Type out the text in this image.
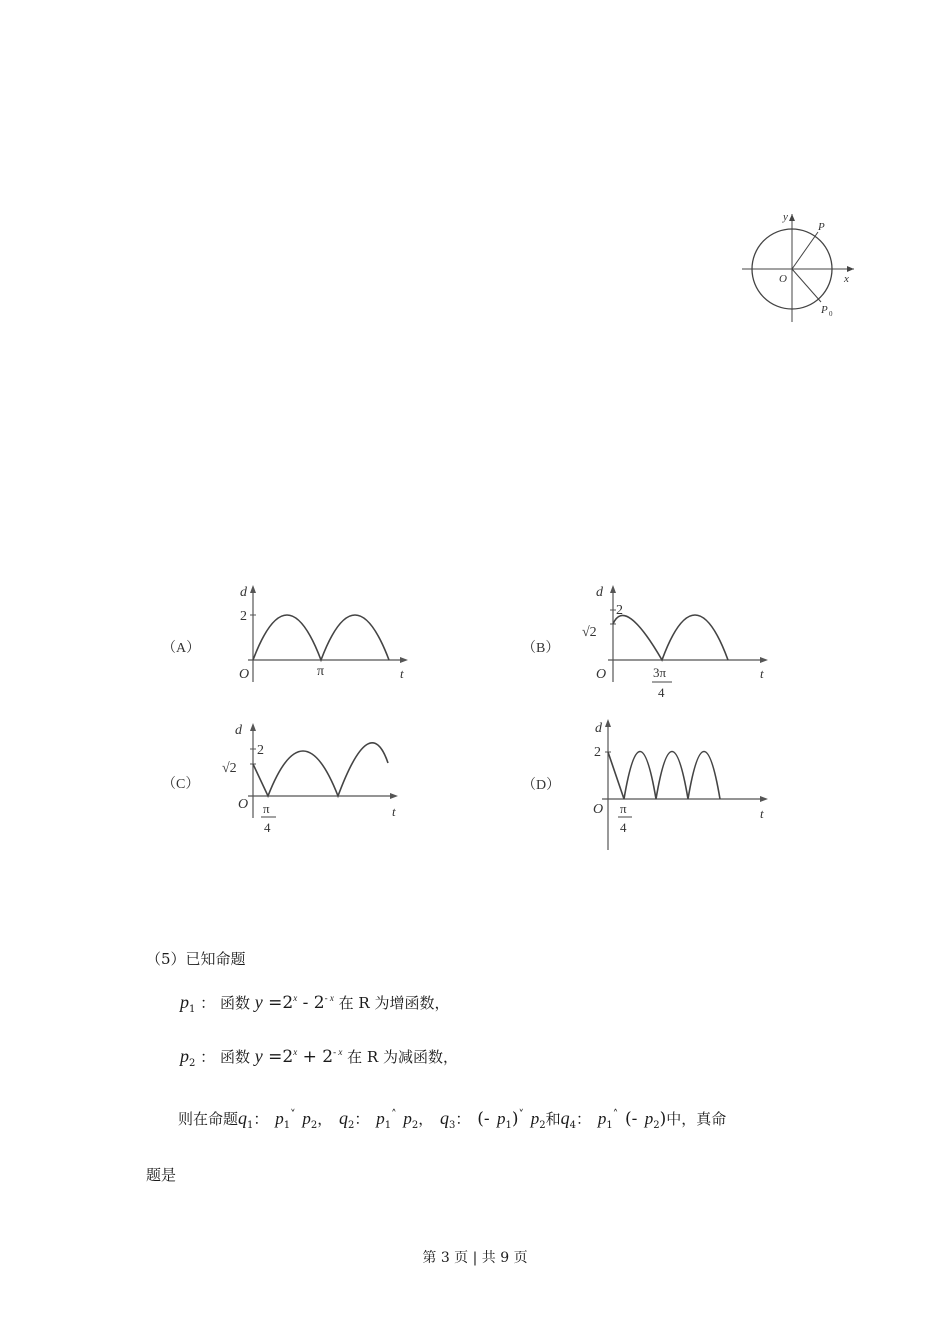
y
P
O	x
P 0
（A）
d
2
O	π	t
（B）
d
2
√2
O	3π
4
t
（C）
d
2
√2
O π
4
t
（D）
d
2
O π
4
t
（5）已知命题
$p_1$ ： 函数 $y =2^x - 2^{- x}$ 在 R 为增函数，
$p_2$ ： 函数 $y =2^x + 2^{- x}$ 在 R 为减函数，
则在命题$q_1$： $p_1^˅$ $p_2$， $q_2$： $p_1^˄$ $p_2$， $q_3$： (- $p_1)^˅$ $p_2$和$q_4$： $p_1^˄$ (- $p_2$)中，真命
题是
第 3 页 | 共 9 页
